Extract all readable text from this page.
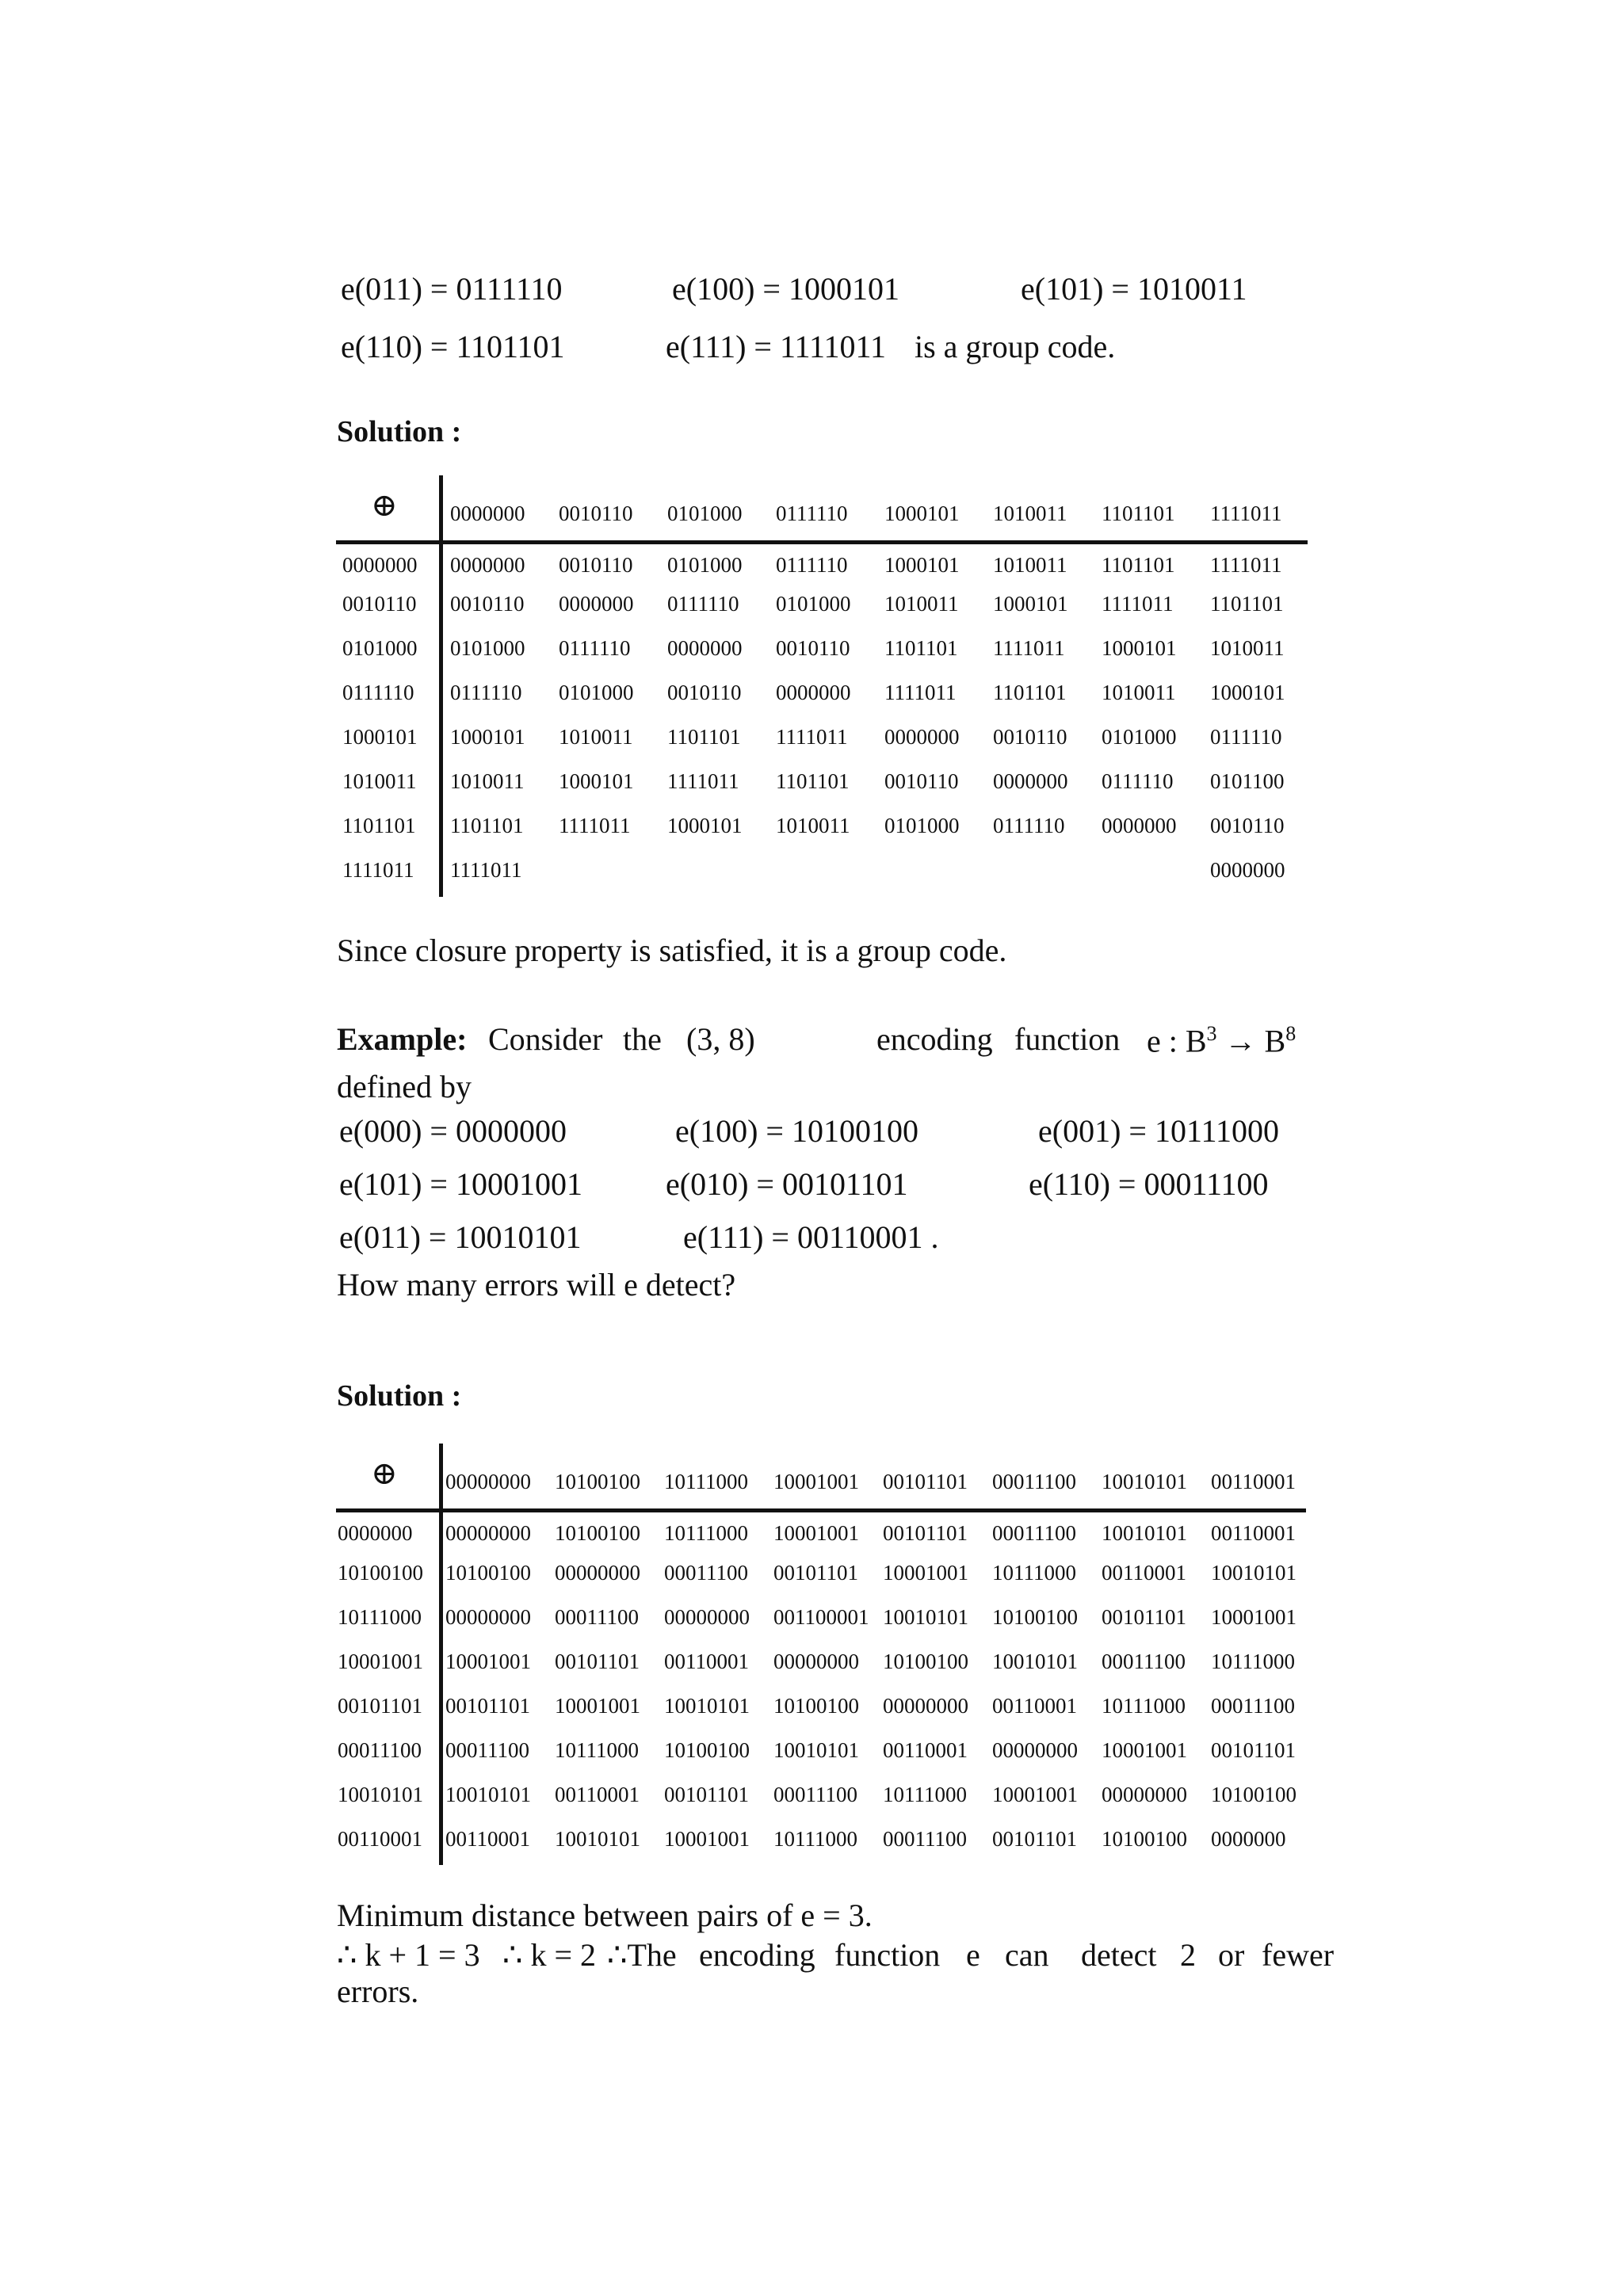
e(011) = 0111110	e(100) = 1000101	e(101) = 1010011
e(110) = 1101101	e(111) = 1111011 is a group code.
Solution :
⊕ 0000000 0010110 0101000 0111110 1000101 1010011 1101101 1111011
0000000 0000000 0010110 0101000 0111110 1000101 1010011 1101101 1111011
0010110 0010110 0000000 0111110 0101000 1010011 1000101 1111011 1101101
0101000 0101000 0111110 0000000 0010110 1101101 1111011 1000101 1010011
0111110 0111110 0101000 0010110 0000000 1111011 1101101 1010011 1000101
1000101 1000101 1010011 1101101 1111011 0000000 0010110 0101000 0111110
1010011 1010011 1000101 1111011 1101101 0010110 0000000 0111110 0101100
1101101 1101101 1111011 1000101 1010011 0101000 0111110 0000000 0010110
1111011 1111011	0000000
Since closure property is satisfied, it is a group code.
Example: Consider the (3, 8)	encoding function e : $B^3 \to B^8$
defined by
e(000) = 0000000	e(100) = 10100100	e(001) = 10111000
e(101) = 10001001	e(010) = 00101101	e(110) = 00011100
e(011) = 10010101	e(111) = 00110001 .
How many errors will e detect?
Solution :
⊕ 00000000 10100100 10111000 10001001 00101101 00011100 10010101 00110001
0000000 00000000 10100100 10111000 10001001 00101101 00011100 10010101 00110001
10100100 10100100 00000000 00011100 00101101 10001001 10111000 00110001 10010101
10111000 00000000 00011100 00000000 001100001 10010101 10100100 00101101 10001001
10001001 10001001 00101101 00110001 00000000 10100100 10010101 00011100 10111000
00101101 00101101 10001001 10010101 10100100 00000000 00110001 10111000 00011100
00011100 00011100 10111000 10100100 10010101 00110001 00000000 10001001 00101101
10010101 10010101 00110001 00101101 00011100 10111000 10001001 00000000 10100100
00110001 00110001 10010101 10001001 10111000 00011100 00101101 10100100 0000000
Minimum distance between pairs of e = 3.
∴ k + 1 = 3 ∴ k = 2 ∴The encoding function e can detect 2 or fewer
errors.
